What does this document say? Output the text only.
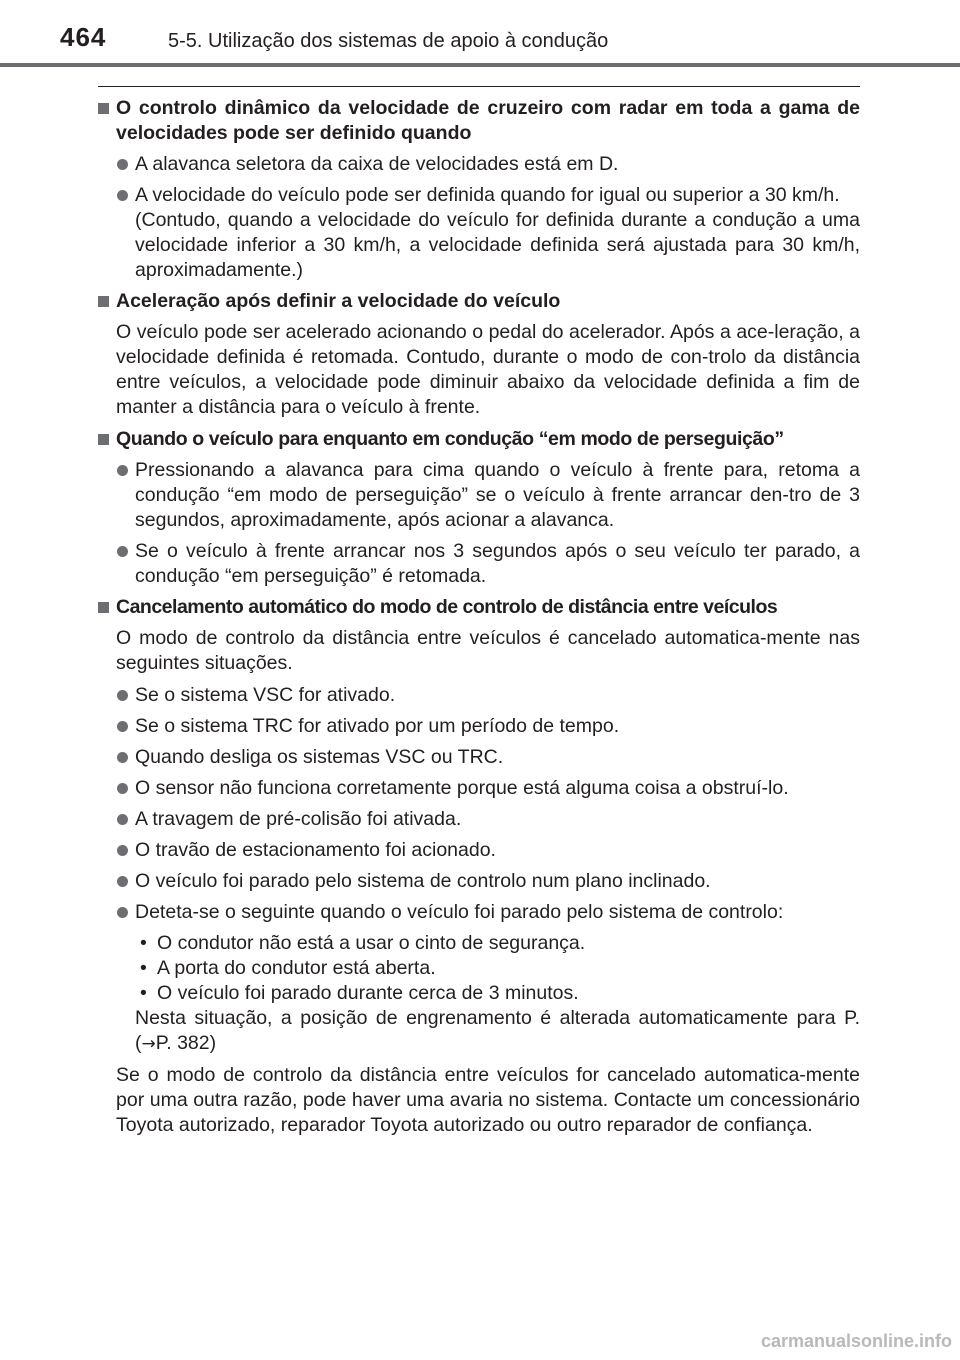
464	5-5. Utilização dos sistemas de apoio à condução
O controlo dinâmico da velocidade de cruzeiro com radar em toda a gama de velocidades pode ser definido quando
A alavanca seletora da caixa de velocidades está em D.
A velocidade do veículo pode ser definida quando for igual ou superior a 30 km/h.
(Contudo, quando a velocidade do veículo for definida durante a condução a uma velocidade inferior a 30 km/h, a velocidade definida será ajustada para 30 km/h, aproximadamente.)
Aceleração após definir a velocidade do veículo
O veículo pode ser acelerado acionando o pedal do acelerador. Após a ace-leração, a velocidade definida é retomada. Contudo, durante o modo de con-trolo da distância entre veículos, a velocidade pode diminuir abaixo da velocidade definida a fim de manter a distância para o veículo à frente.
Quando o veículo para enquanto em condução “em modo de perseguição”
Pressionando a alavanca para cima quando o veículo à frente para, retoma a condução “em modo de perseguição” se o veículo à frente arrancar den-tro de 3 segundos, aproximadamente, após acionar a alavanca.
Se o veículo à frente arrancar nos 3 segundos após o seu veículo ter parado, a condução “em perseguição” é retomada.
Cancelamento automático do modo de controlo de distância entre veículos
O modo de controlo da distância entre veículos é cancelado automatica-mente nas seguintes situações.
Se o sistema VSC for ativado.
Se o sistema TRC for ativado por um período de tempo.
Quando desliga os sistemas VSC ou TRC.
O sensor não funciona corretamente porque está alguma coisa a obstruí-lo.
A travagem de pré-colisão foi ativada.
O travão de estacionamento foi acionado.
O veículo foi parado pelo sistema de controlo num plano inclinado.
Deteta-se o seguinte quando o veículo foi parado pelo sistema de controlo:
• O condutor não está a usar o cinto de segurança.
• A porta do condutor está aberta.
• O veículo foi parado durante cerca de 3 minutos.
Nesta situação, a posição de engrenamento é alterada automaticamente para P. (→P. 382)
Se o modo de controlo da distância entre veículos for cancelado automatica-mente por uma outra razão, pode haver uma avaria no sistema. Contacte um concessionário Toyota autorizado, reparador Toyota autorizado ou outro reparador de confiança.
carmanualsonline.info
